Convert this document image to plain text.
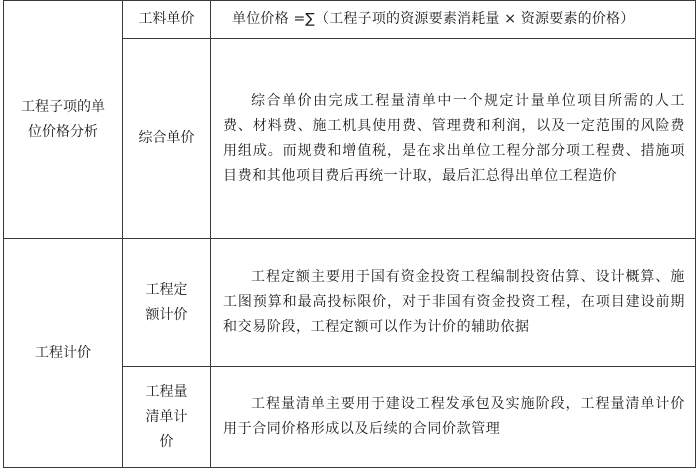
工程子项的单位价格分析	工料单价	单位价格 =∑（工程子项的资源要素消耗量 × 资源要素的价格）

	综合单价	综合单价由完成工程量清单中一个规定计量单位项目所需的人工费、材料费、施工机具使用费、管理费和利润，以及一定范围的风险费用组成。而规费和增值税，是在求出单位工程分部分项工程费、措施项目费和其他项目费后再统一计取，最后汇总得出单位工程造价

工程计价	工程定额计价	工程定额主要用于国有资金投资工程编制投资估算、设计概算、施工图预算和最高投标限价，对于非国有资金投资工程，在项目建设前期和交易阶段，工程定额可以作为计价的辅助依据

	工程量清单计价	工程量清单主要用于建设工程发承包及实施阶段，工程量清单计价用于合同价格形成以及后续的合同价款管理
